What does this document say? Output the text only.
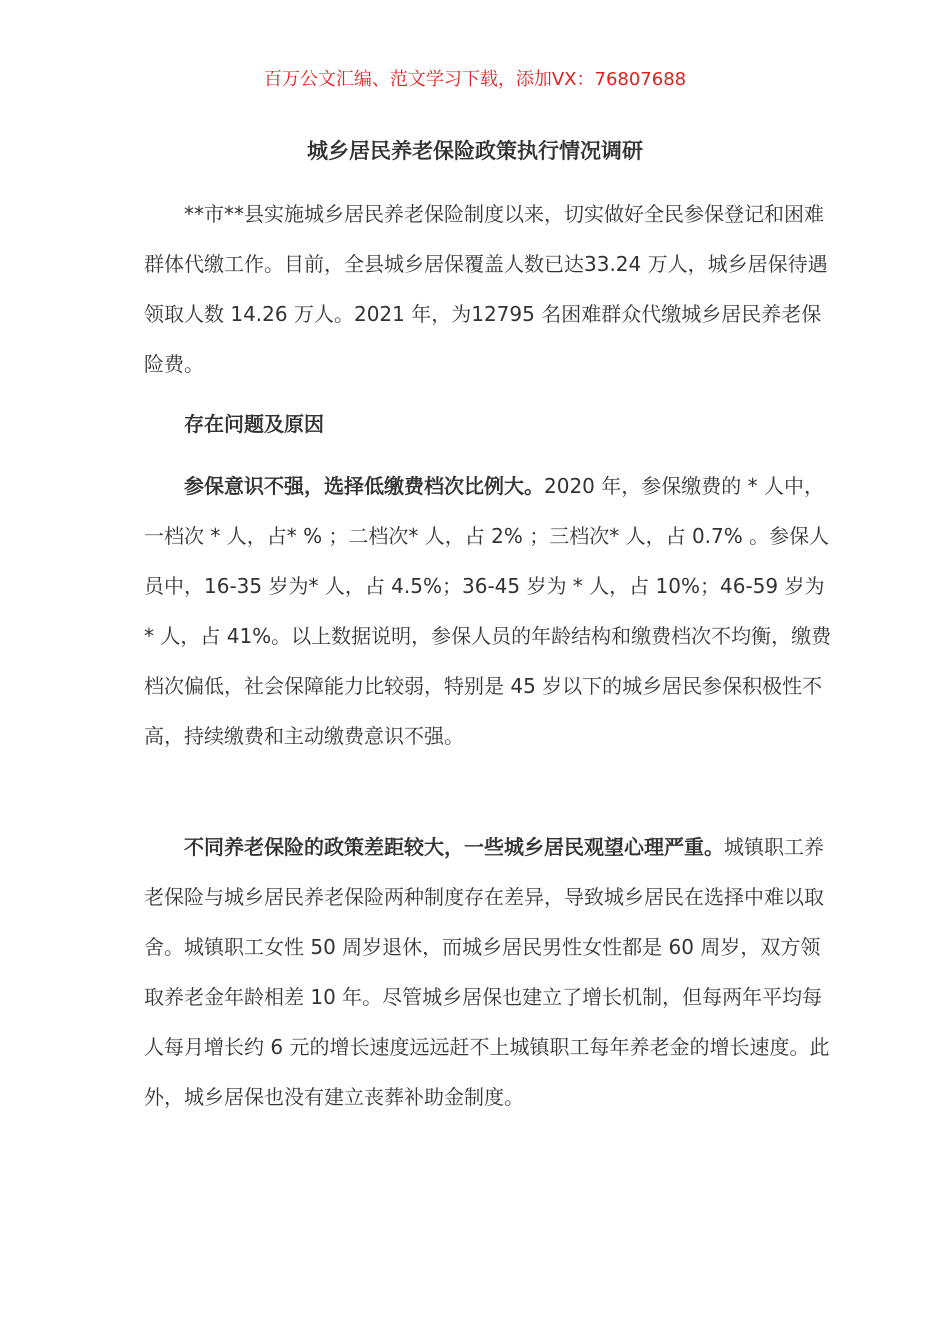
百万公文汇编、范文学习下载，添加VX：76807688
城乡居民养老保险政策执行情况调研

**市**县实施城乡居民养老保险制度以来，切实做好全民参保登记和困难群体代缴工作。目前，全县城乡居保覆盖人数已达33.24 万人，城乡居保待遇领取人数 14.26 万人。2021 年，为12795 名困难群众代缴城乡居民养老保险费。

存在问题及原因

参保意识不强，选择低缴费档次比例大。2020 年，参保缴费的 * 人中，一档次 * 人，占* % ；二档次* 人，占 2% ；三档次* 人，占 0.7% 。参保人员中，16-35 岁为* 人，占 4.5%；36-45 岁为 * 人，占 10%；46-59 岁为 * 人，占 41%。以上数据说明，参保人员的年龄结构和缴费档次不均衡，缴费档次偏低，社会保障能力比较弱，特别是 45 岁以下的城乡居民参保积极性不高，持续缴费和主动缴费意识不强。

不同养老保险的政策差距较大，一些城乡居民观望心理严重。城镇职工养老保险与城乡居民养老保险两种制度存在差异，导致城乡居民在选择中难以取舍。城镇职工女性 50 周岁退休，而城乡居民男性女性都是 60 周岁，双方领取养老金年龄相差 10 年。尽管城乡居保也建立了增长机制，但每两年平均每人每月增长约 6 元的增长速度远远赶不上城镇职工每年养老金的增长速度。此外，城乡居保也没有建立丧葬补助金制度。
